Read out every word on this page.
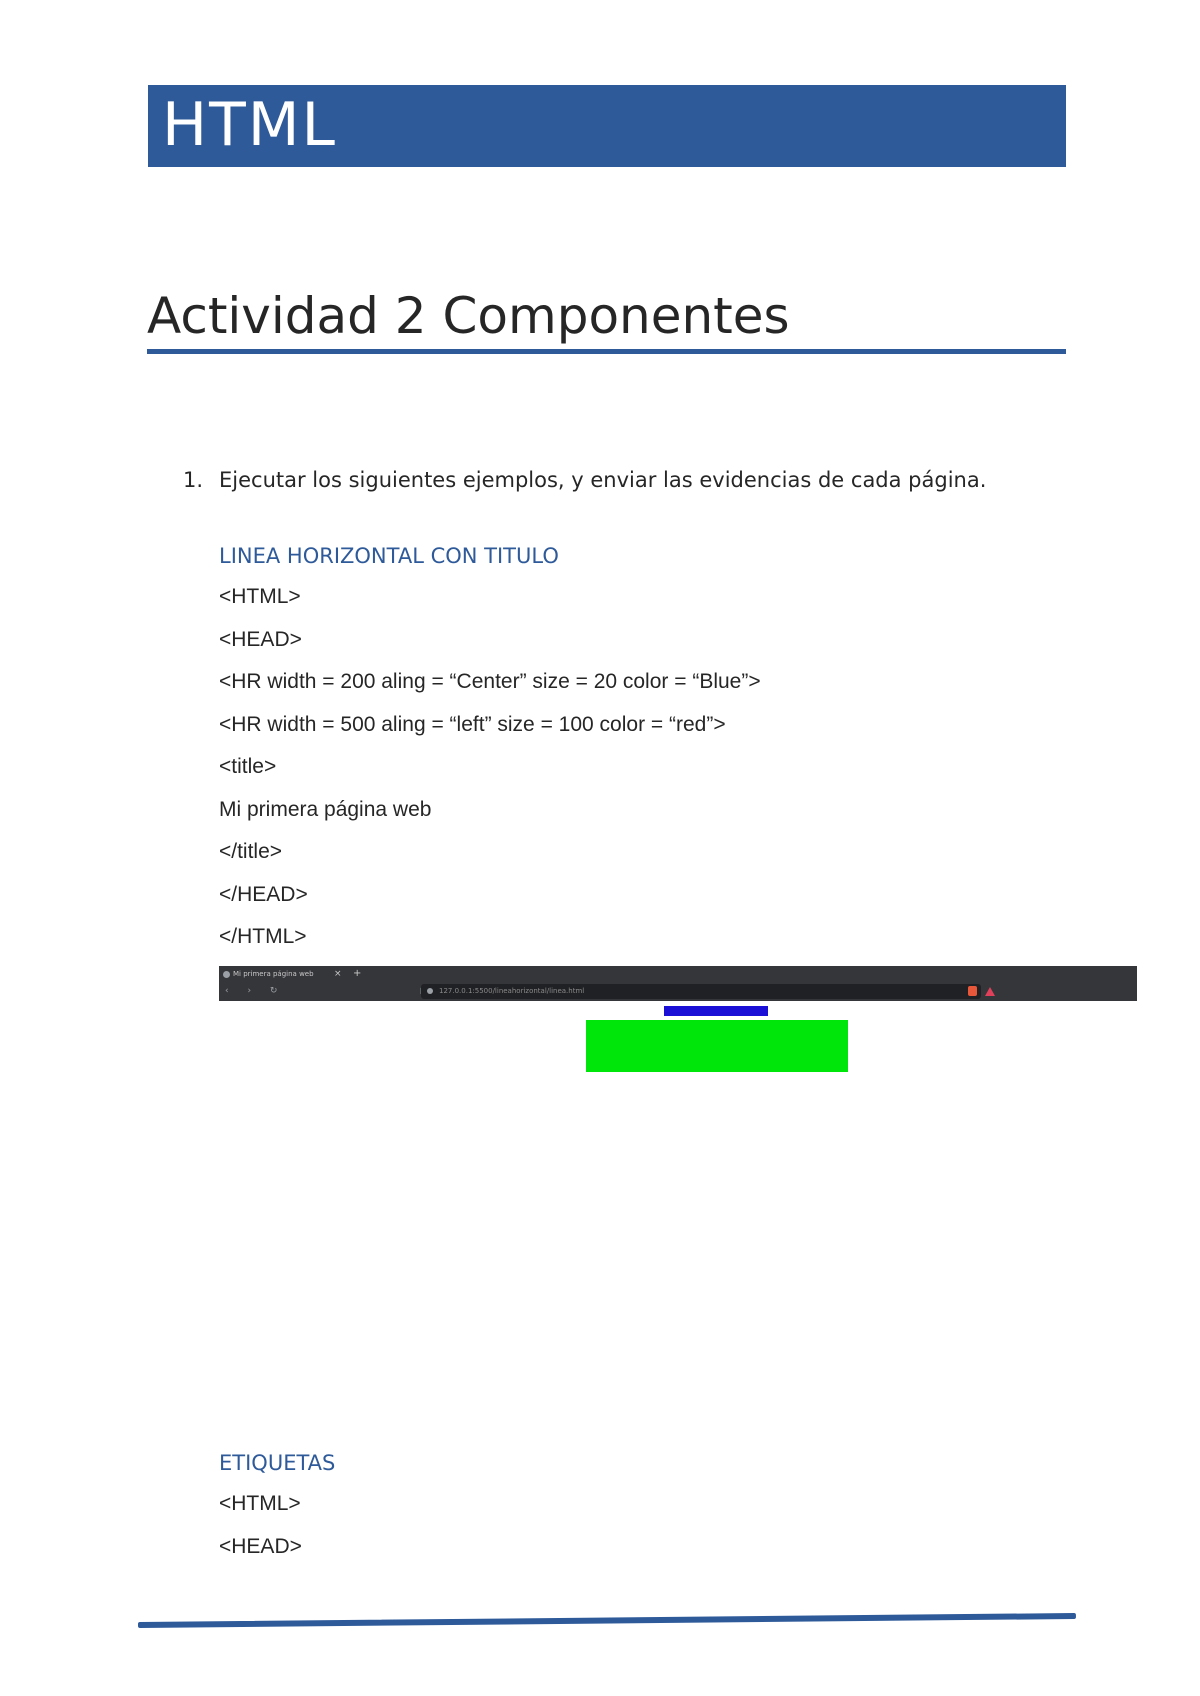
HTML
Actividad 2 Componentes
1. Ejecutar los siguientes ejemplos, y enviar las evidencias de cada página.
LINEA HORIZONTAL CON TITULO
<HTML>
<HEAD>
<HR width = 200 aling = “Center” size = 20 color = “Blue”>
<HR width = 500 aling = “left” size = 100 color = “red”>
<title>
Mi primera página web
</title>
</HEAD>
</HTML>
Mi primera página web	× +
‹ › ↻	127.0.0.1:5500/lineahorizontal/linea.html
ETIQUETAS
<HTML>
<HEAD>
